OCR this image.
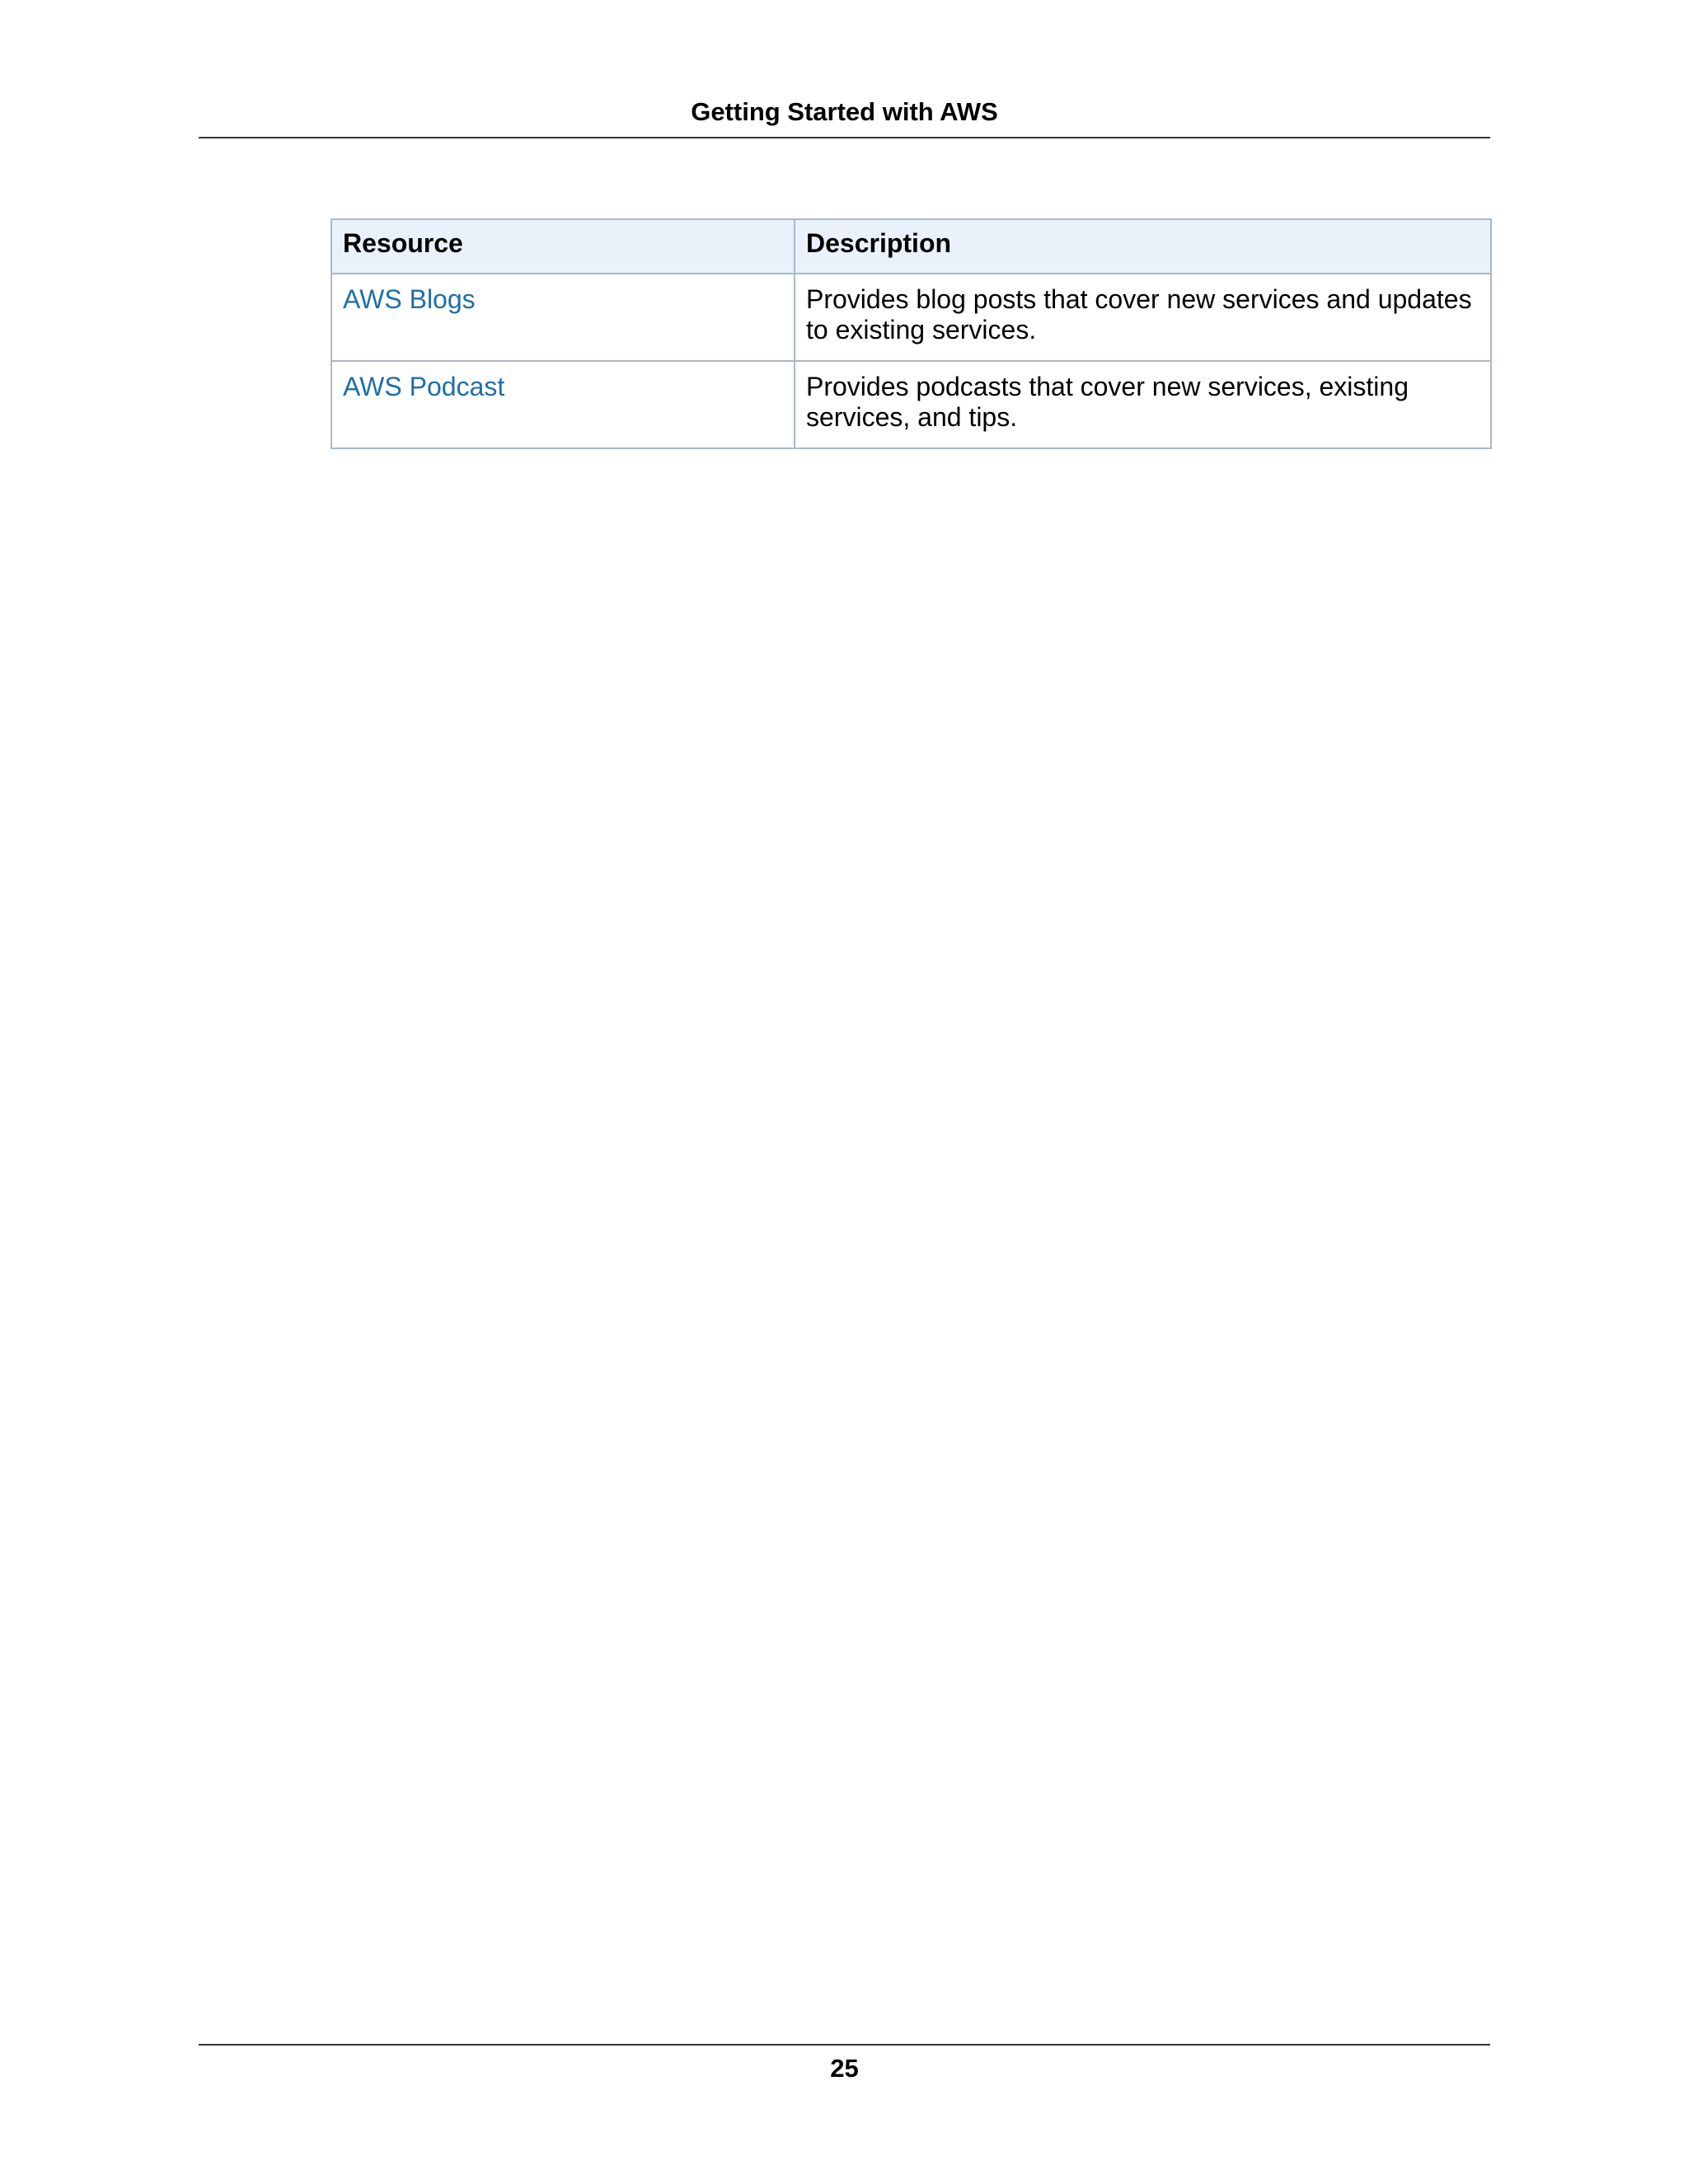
Getting Started with AWS
Resource	Description
AWS Blogs	Provides blog posts that cover new services and updates to existing services.
AWS Podcast	Provides podcasts that cover new services, existing services, and tips.
25
